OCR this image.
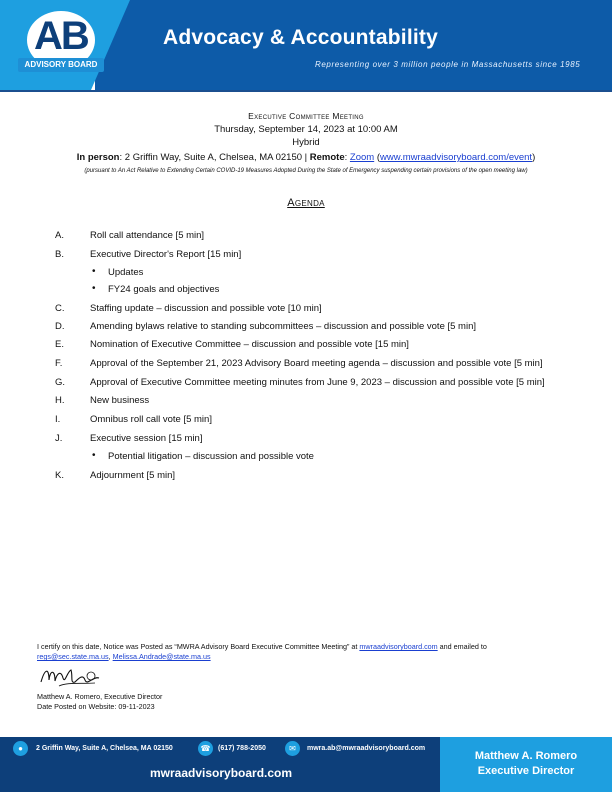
AB
ADVISORY BOARD
Advocacy & Accountability
Representing over 3 million people in Massachusetts since 1985
Executive Committee Meeting
Thursday, September 14, 2023 at 10:00 AM
Hybrid
In person: 2 Griffin Way, Suite A, Chelsea, MA 02150 | Remote: Zoom (www.mwraadvisoryboard.com/event)
(pursuant to An Act Relative to Extending Certain COVID-19 Measures Adopted During the State of Emergency suspending certain provisions of the open meeting law)
Agenda
A.	Roll call attendance [5 min]
B.	Executive Director's Report [15 min]
• Updates
• FY24 goals and objectives
C.	Staffing update – discussion and possible vote [10 min]
D.	Amending bylaws relative to standing subcommittees – discussion and possible vote [5 min]
E.	Nomination of Executive Committee – discussion and possible vote [15 min]
F.	Approval of the September 21, 2023 Advisory Board meeting agenda – discussion and possible vote [5 min]
G.	Approval of Executive Committee meeting minutes from June 9, 2023 – discussion and possible vote [5 min]
H.	New business
I.	Omnibus roll call vote [5 min]
J.	Executive session [15 min]
• Potential litigation – discussion and possible vote
K.	Adjournment [5 min]
I certify on this date, Notice was Posted as “MWRA Advisory Board Executive Committee Meeting” at mwraadvisoryboard.com and emailed to
regs@sec.state.ma.us, Melissa.Andrade@state.ma.us
Matthew A. Romero, Executive Director
Date Posted on Website: 09-11-2023
●	2 Griffin Way, Suite A, Chelsea, MA 02150	☎	(617) 788-2050	✉	mwra.ab@mwraadvisoryboard.com
mwraadvisoryboard.com
Matthew A. Romero
Executive Director
